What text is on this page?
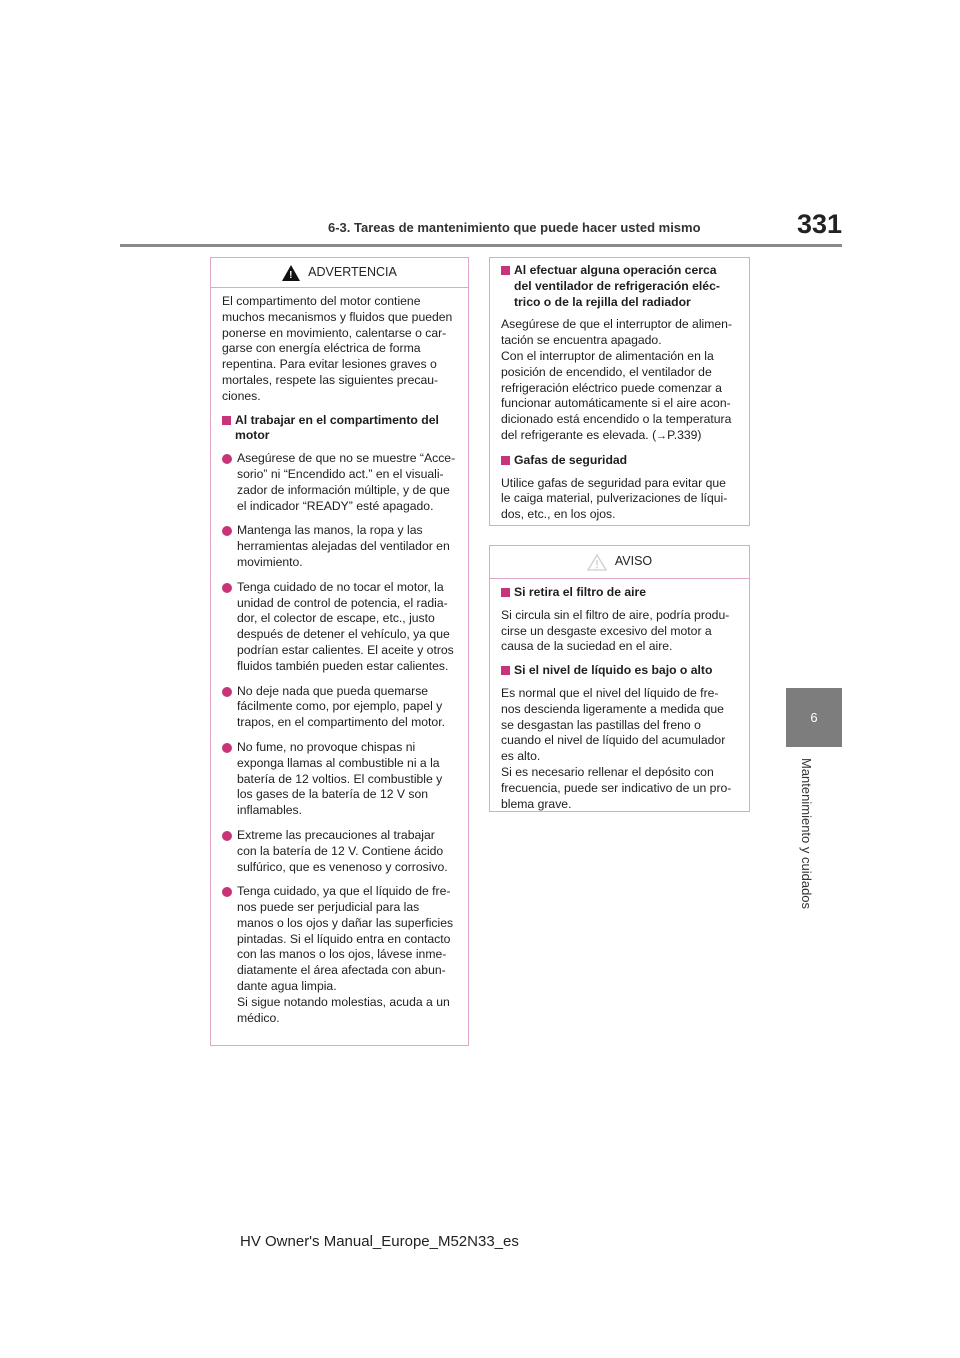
6-3. Tareas de mantenimiento que puede hacer usted mismo	331
6
Mantenimiento y cuidados
! ADVERTENCIA

El compartimento del motor contiene
muchos mecanismos y fluidos que pueden
ponerse en movimiento, calentarse o car-
garse con energía eléctrica de forma
repentina. Para evitar lesiones graves o
mortales, respete las siguientes precau-
ciones.

Al trabajar en el compartimento del
motor
Asegúrese de que no se muestre “Acce-
sorio” ni “Encendido act.” en el visuali-
zador de información múltiple, y de que
el indicador “READY” esté apagado.
Mantenga las manos, la ropa y las
herramientas alejadas del ventilador en
movimiento.
Tenga cuidado de no tocar el motor, la
unidad de control de potencia, el radia-
dor, el colector de escape, etc., justo
después de detener el vehículo, ya que
podrían estar calientes. El aceite y otros
fluidos también pueden estar calientes.
No deje nada que pueda quemarse
fácilmente como, por ejemplo, papel y
trapos, en el compartimento del motor.
No fume, no provoque chispas ni
exponga llamas al combustible ni a la
batería de 12 voltios. El combustible y
los gases de la batería de 12 V son
inflamables.
Extreme las precauciones al trabajar
con la batería de 12 V. Contiene ácido
sulfúrico, que es venenoso y corrosivo.
Tenga cuidado, ya que el líquido de fre-
nos puede ser perjudicial para las
manos o los ojos y dañar las superficies
pintadas. Si el líquido entra en contacto
con las manos o los ojos, lávese inme-
diatamente el área afectada con abun-
dante agua limpia.
Si sigue notando molestias, acuda a un
médico.
Al efectuar alguna operación cerca
del ventilador de refrigeración eléc-
trico o de la rejilla del radiador

Asegúrese de que el interruptor de alimen-
tación se encuentra apagado.
Con el interruptor de alimentación en la
posición de encendido, el ventilador de
refrigeración eléctrico puede comenzar a
funcionar automáticamente si el aire acon-
dicionado está encendido o la temperatura
del refrigerante es elevada. (→P.339)

Gafas de seguridad

Utilice gafas de seguridad para evitar que
le caiga material, pulverizaciones de líqui-
dos, etc., en los ojos.

AVISO
Si retira el filtro de aire

Si circula sin el filtro de aire, podría produ-
cirse un desgaste excesivo del motor a
causa de la suciedad en el aire.

Si el nivel de líquido es bajo o alto

Es normal que el nivel del líquido de fre-
nos descienda ligeramente a medida que
se desgastan las pastillas del freno o
cuando el nivel de líquido del acumulador
es alto.
Si es necesario rellenar el depósito con
frecuencia, puede ser indicativo de un pro-
blema grave.

HV Owner's Manual_Europe_M52N33_es
